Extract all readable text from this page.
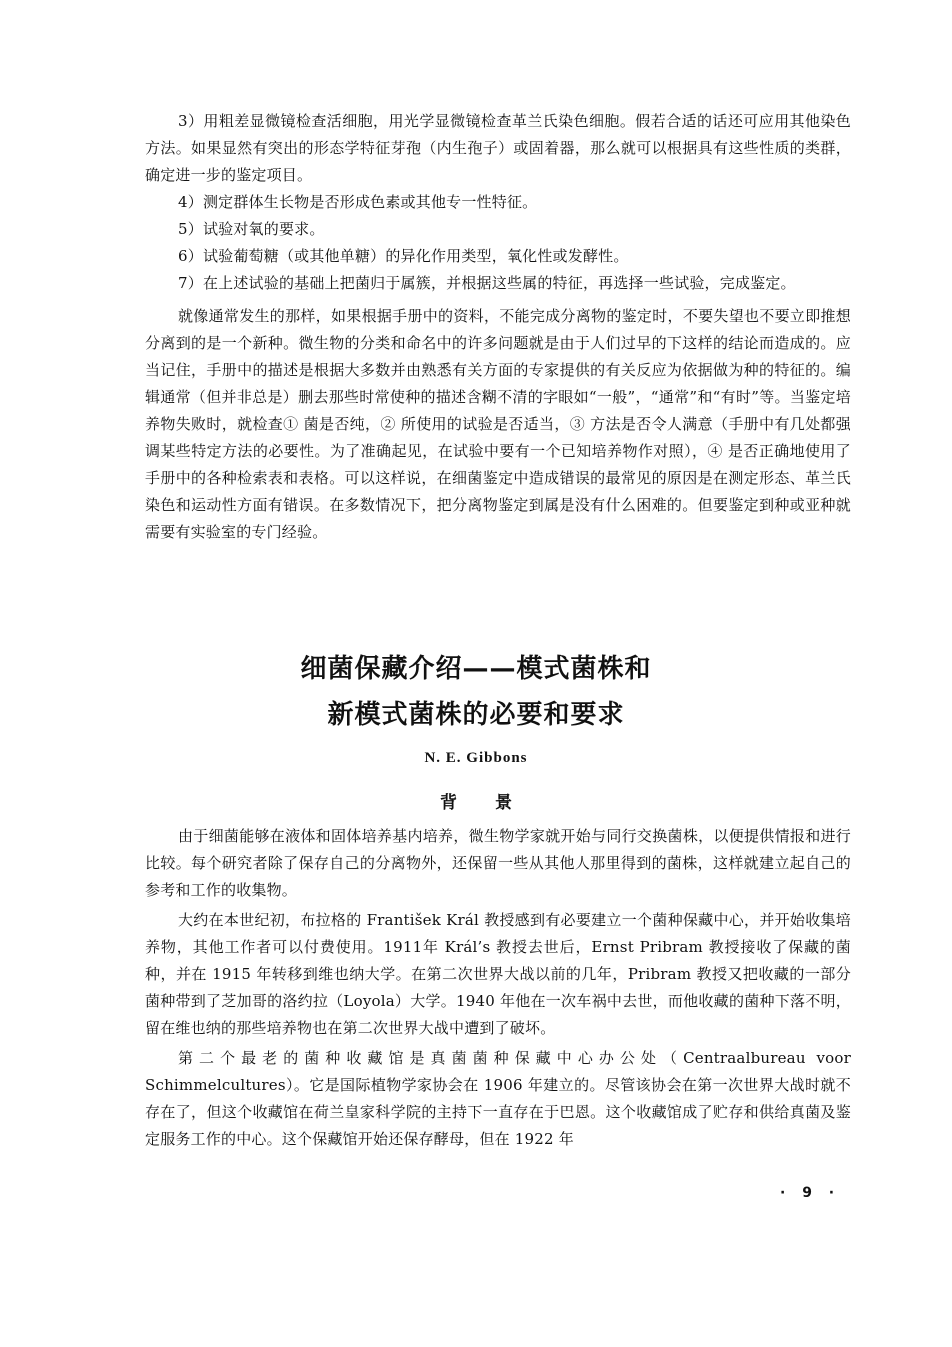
3）用粗差显微镜检查活细胞，用光学显微镜检查革兰氏染色细胞。假若合适的话还可应用其他染色方法。如果显然有突出的形态学特征芽孢（内生孢子）或固着器，那么就可以根据具有这些性质的类群，确定进一步的鉴定项目。

4）测定群体生长物是否形成色素或其他专一性特征。

5）试验对氧的要求。

6）试验葡萄糖（或其他单糖）的异化作用类型，氧化性或发酵性。

7）在上述试验的基础上把菌归于属簇，并根据这些属的特征，再选择一些试验，完成鉴定。

就像通常发生的那样，如果根据手册中的资料，不能完成分离物的鉴定时，不要失望也不要立即推想分离到的是一个新种。微生物的分类和命名中的许多问题就是由于人们过早的下这样的结论而造成的。应当记住，手册中的描述是根据大多数并由熟悉有关方面的专家提供的有关反应为依据做为种的特征的。编辑通常（但并非总是）删去那些时常使种的描述含糊不清的字眼如“一般”，“通常”和“有时”等。当鉴定培养物失败时，就检查① 菌是否纯，② 所使用的试验是否适当，③ 方法是否令人满意（手册中有几处都强调某些特定方法的必要性。为了准确起见，在试验中要有一个已知培养物作对照），④ 是否正确地使用了手册中的各种检索表和表格。可以这样说，在细菌鉴定中造成错误的最常见的原因是在测定形态、革兰氏染色和运动性方面有错误。在多数情况下，把分离物鉴定到属是没有什么困难的。但要鉴定到种或亚种就需要有实验室的专门经验。

细菌保藏介绍——模式菌株和
新模式菌株的必要和要求
N. E. Gibbons
背景

由于细菌能够在液体和固体培养基内培养，微生物学家就开始与同行交换菌株，以便提供情报和进行比较。每个研究者除了保存自己的分离物外，还保留一些从其他人那里得到的菌株，这样就建立起自己的参考和工作的收集物。

大约在本世纪初，布拉格的 František Král 教授感到有必要建立一个菌种保藏中心，并开始收集培养物，其他工作者可以付费使用。1911年 Král’s 教授去世后，Ernst Pribram 教授接收了保藏的菌种，并在 1915 年转移到维也纳大学。在第二次世界大战以前的几年，Pribram 教授又把收藏的一部分菌种带到了芝加哥的洛约拉（Loyola）大学。1940 年他在一次车祸中去世，而他收藏的菌种下落不明，留在维也纳的那些培养物也在第二次世界大战中遭到了破坏。

第二个最老的菌种收藏馆是真菌菌种保藏中心办公处（Centraalbureau voor Schimmelcultures）。它是国际植物学家协会在 1906 年建立的。尽管该协会在第一次世界大战时就不存在了，但这个收藏馆在荷兰皇家科学院的主持下一直存在于巴恩。这个收藏馆成了贮存和供给真菌及鉴定服务工作的中心。这个保藏馆开始还保存酵母，但在 1922 年

· 9 ·
